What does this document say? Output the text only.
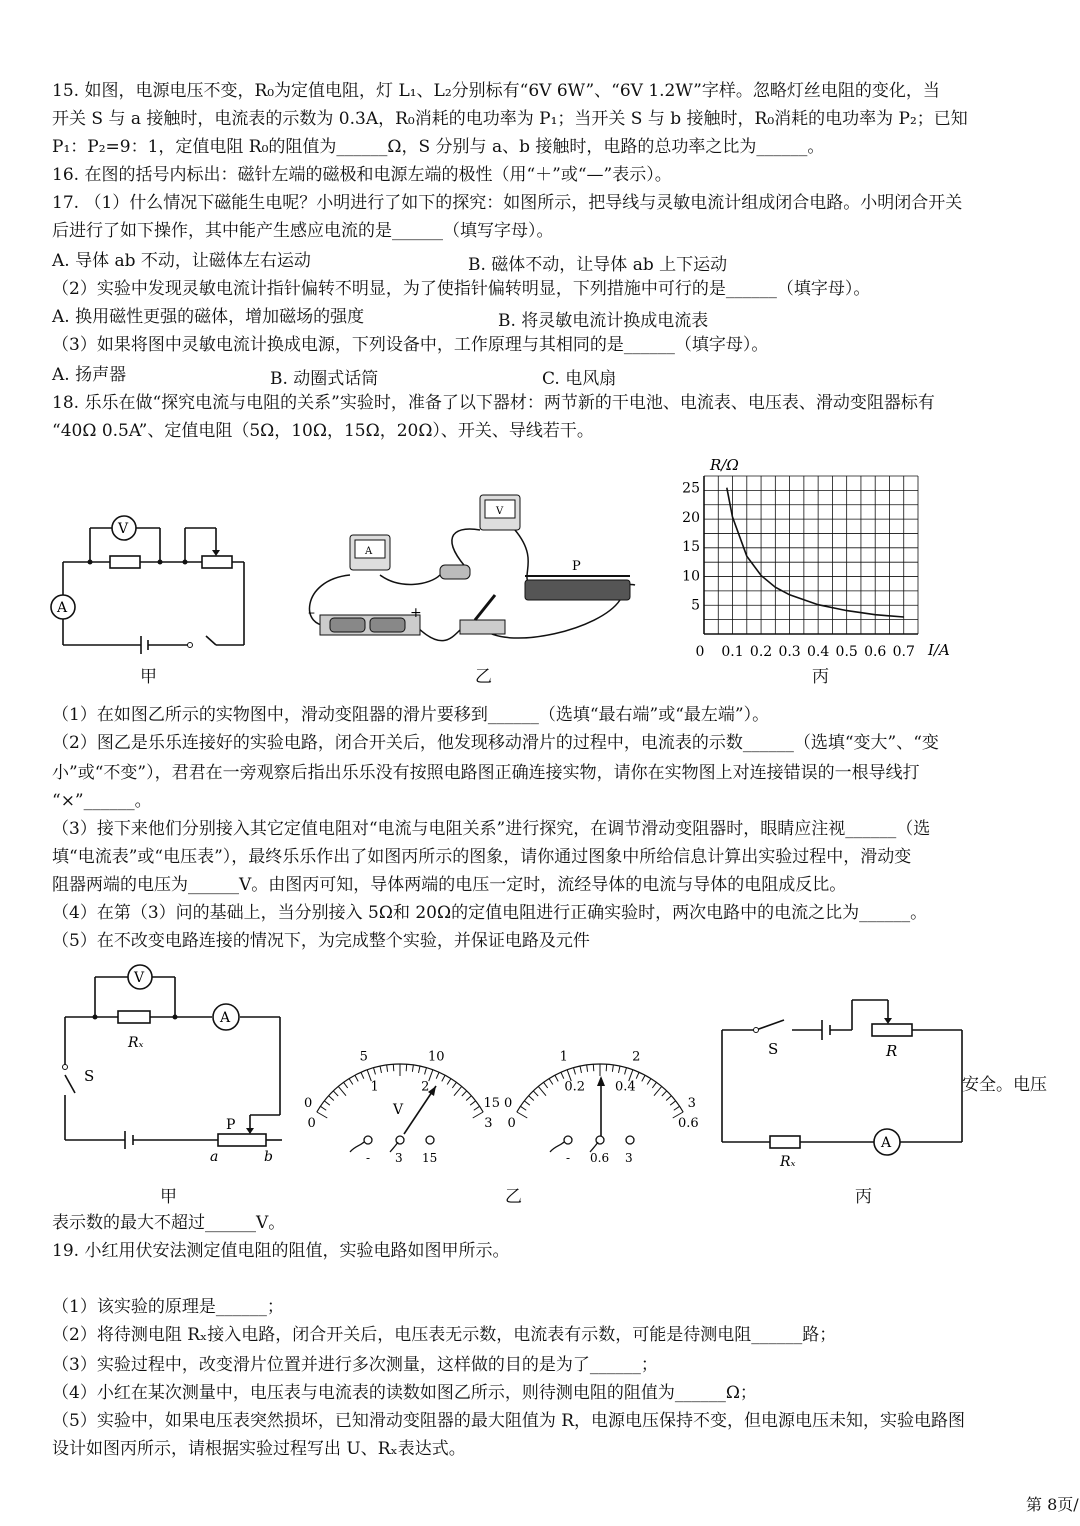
15. 如图，电源电压不变，R₀为定值电阻，灯 L₁、L₂分别标有“6V 6W”、“6V 1.2W”字样。忽略灯丝电阻的变化，当
开关 S 与 a 接触时，电流表的示数为 0.3A，R₀消耗的电功率为 P₁；当开关 S 与 b 接触时，R₀消耗的电功率为 P₂；已知
P₁：P₂=9：1，定值电阻 R₀的阻值为______Ω，S 分别与 a、b 接触时，电路的总功率之比为______。
16. 在图的括号内标出：磁针左端的磁极和电源左端的极性（用“＋”或“—”表示）。
17. （1）什么情况下磁能生电呢？小明进行了如下的探究：如图所示，把导线与灵敏电流计组成闭合电路。小明闭合开关
后进行了如下操作，其中能产生感应电流的是______（填写字母）。
A. 导体 ab 不动，让磁体左右运动	B. 磁体不动，让导体 ab 上下运动
（2）实验中发现灵敏电流计指针偏转不明显，为了使指针偏转明显，下列措施中可行的是______（填字母）。
A. 换用磁性更强的磁体，增加磁场的强度	B. 将灵敏电流计换成电流表
（3）如果将图中灵敏电流计换成电源，下列设备中，工作原理与其相同的是______（填字母）。
A. 扬声器	B. 动圈式话筒	C. 电风扇
18. 乐乐在做“探究电流与电阻的关系”实验时，准备了以下器材：两节新的干电池、电流表、电压表、滑动变阻器标有
“40Ω 0.5A”、定值电阻（5Ω，10Ω，15Ω，20Ω）、开关、导线若干。
V
A
甲
A
V
–	+
P
乙
R/Ω
I/A
25
20
15
10
5
0 0.1 0.2 0.3 0.4 0.5 0.6 0.7
丙
（1）在如图乙所示的实物图中，滑动变阻器的滑片要移到______（选填“最右端”或“最左端”）。
（2）图乙是乐乐连接好的实验电路，闭合开关后，他发现移动滑片的过程中，电流表的示数______（选填“变大”、“变
小”或“不变”），君君在一旁观察后指出乐乐没有按照电路图正确连接实物，请你在实物图上对连接错误的一根导线打
“×”______。
（3）接下来他们分别接入其它定值电阻对“电流与电阻关系”进行探究，在调节滑动变阻器时，眼睛应注视______（选
填“电流表”或“电压表”），最终乐乐作出了如图丙所示的图象，请你通过图象中所给信息计算出实验过程中，滑动变
阻器两端的电压为______V。由图丙可知，导体两端的电压一定时，流经导体的电流与导体的电阻成反比。
（4）在第（3）问的基础上，当分别接入 5Ω和 20Ω的定值电阻进行正确实验时，两次电路中的电流之比为______。
（5）在不改变电路连接的情况下，为完成整个实验，并保证电路及元件
Rₓ
V
A
S
P
a	b
甲
0
5	10
15
0
1	2
3
0
1	2
3
0
0.2 0.4
0.6
V
- 3 15	- 0.6 3
乙
R
S
Rₓ
A
安全。电压
丙
表示数的最大不超过______V。
19. 小红用伏安法测定值电阻的阻值，实验电路如图甲所示。
（1）该实验的原理是______；
（2）将待测电阻 Rₓ接入电路，闭合开关后，电压表无示数，电流表有示数，可能是待测电阻______路；
（3）实验过程中，改变滑片位置并进行多次测量，这样做的目的是为了______；
（4）小红在某次测量中，电压表与电流表的读数如图乙所示，则待测电阻的阻值为______Ω；
（5）实验中，如果电压表突然损坏，已知滑动变阻器的最大阻值为 R，电源电压保持不变，但电源电压未知，实验电路图
设计如图丙所示，请根据实验过程写出 U、Rₓ表达式。
第 8页/
